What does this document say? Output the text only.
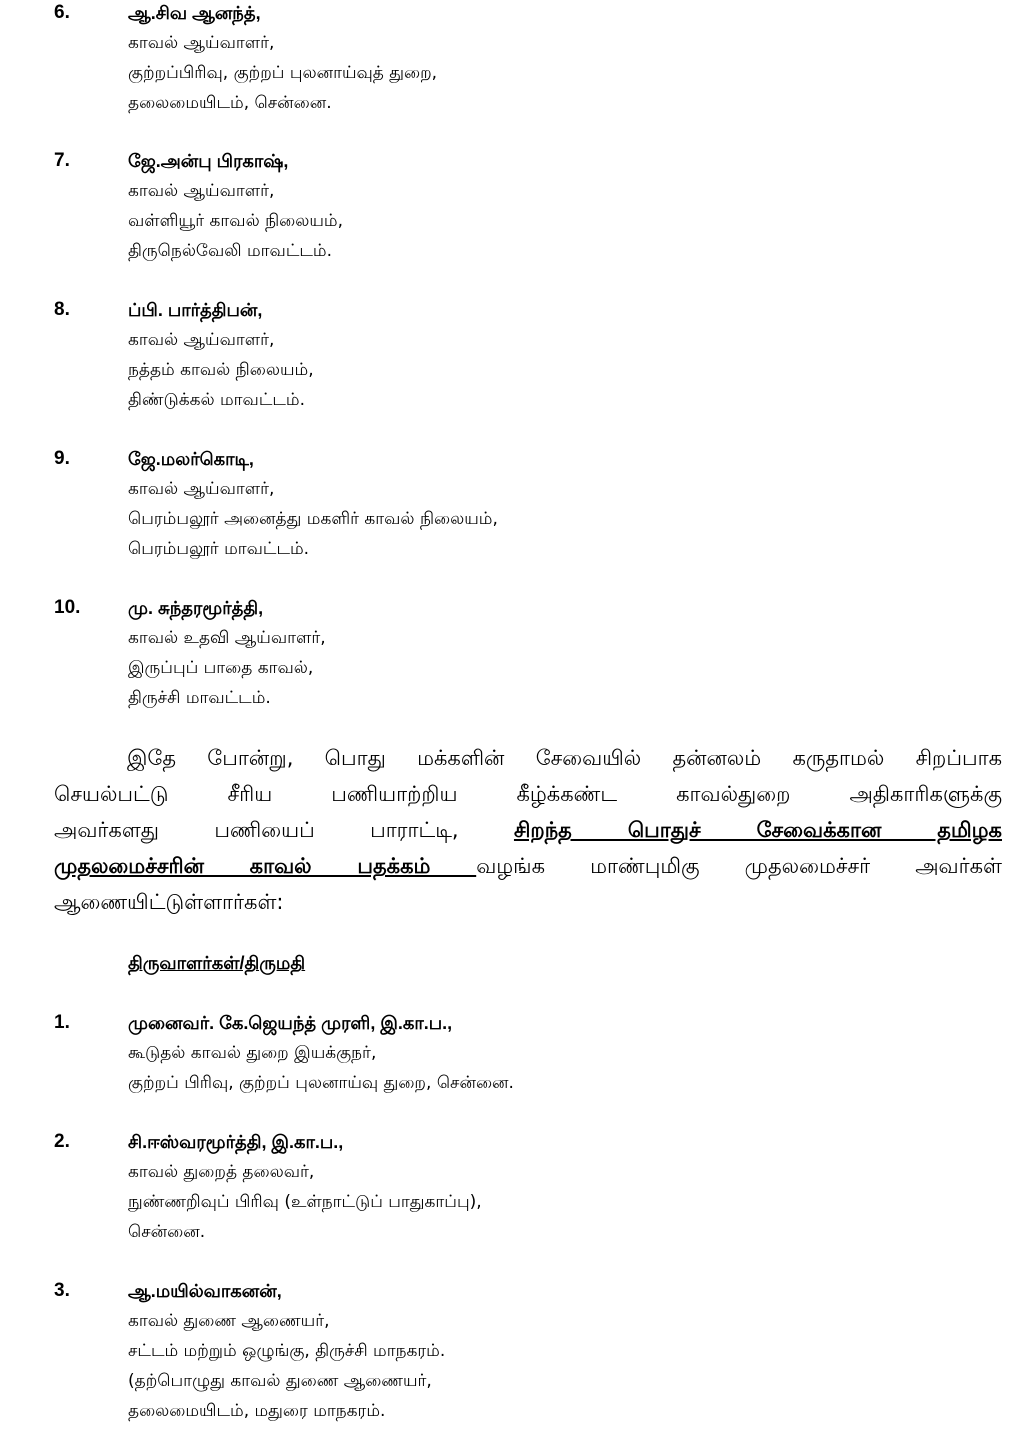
6.	ஆ.சிவ ஆனந்த்,
காவல் ஆய்வாளர்,
குற்றப்பிரிவு, குற்றப் புலனாய்வுத் துறை,
தலைமையிடம், சென்னை.
7.	ஜே.அன்பு பிரகாஷ்,
காவல் ஆய்வாளர்,
வள்ளியூர் காவல் நிலையம்,
திருநெல்வேலி மாவட்டம்.
8.	ப்பி. பார்த்திபன்,
காவல் ஆய்வாளர்,
நத்தம் காவல் நிலையம்,
திண்டுக்கல் மாவட்டம்.
9.	ஜே.மலர்கொடி,
காவல் ஆய்வாளர்,
பெரம்பலூர் அனைத்து மகளிர் காவல் நிலையம்,
பெரம்பலூர் மாவட்டம்.
10.	மு. சுந்தரமூர்த்தி,
காவல் உதவி ஆய்வாளர்,
இருப்புப் பாதை காவல்,
திருச்சி மாவட்டம்.
இதே போன்று, பொது மக்களின் சேவையில் தன்னலம் கருதாமல் சிறப்பாக
செயல்பட்டு சீரிய பணியாற்றிய கீழ்க்கண்ட காவல்துறை அதிகாரிகளுக்கு
அவர்களது பணியைப் பாராட்டி, சிறந்த பொதுச் சேவைக்கான தமிழக
முதலமைச்சரின் காவல் பதக்கம் வழங்க மாண்புமிகு முதலமைச்சர் அவர்கள்
ஆணையிட்டுள்ளார்கள்:
திருவாளர்கள்/திருமதி
1.	முனைவர். கே.ஜெயந்த் முரளி, இ.கா.ப.,
கூடுதல் காவல் துறை இயக்குநர்,
குற்றப் பிரிவு, குற்றப் புலனாய்வு துறை, சென்னை.
2.	சி.ஈஸ்வரமூர்த்தி, இ.கா.ப.,
காவல் துறைத் தலைவர்,
நுண்ணறிவுப் பிரிவு (உள்நாட்டுப் பாதுகாப்பு),
சென்னை.
3.	ஆ.மயில்வாகனன்,
காவல் துணை ஆணையர்,
சட்டம் மற்றும் ஒழுங்கு, திருச்சி மாநகரம்.
(தற்பொழுது காவல் துணை ஆணையர்,
தலைமையிடம், மதுரை மாநகரம்.
